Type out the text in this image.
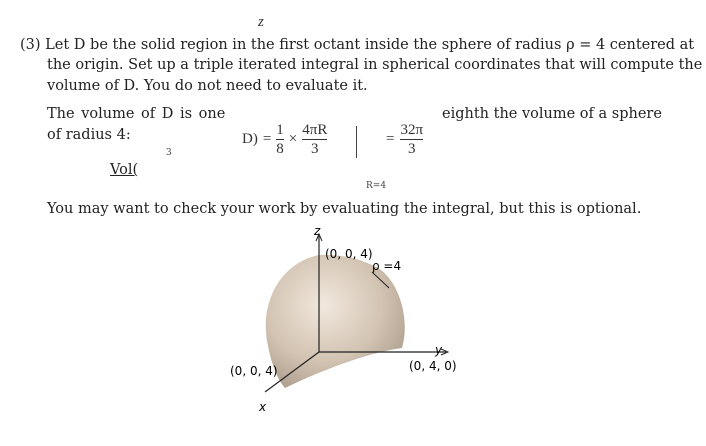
z
(3) Let D be the solid region in the first octant inside the sphere of radius ρ = 4 centered at
the origin. Set up a triple iterated integral in spherical coordinates that will compute the
volume of D. You do not need to evaluate it.
The volume of D is one	eighth the volume of a sphere
of radius 4:
3
Vol(
$D) = \frac{1}{8} \times \frac{4\pi R}{3}$	= $\frac{32\pi}{3}$
R=4
You may want to check your work by evaluating the integral, but this is optional.
z
y
x
(0, 0, 4)
ρ =4
(0, 0, 4)	(0, 4, 0)
